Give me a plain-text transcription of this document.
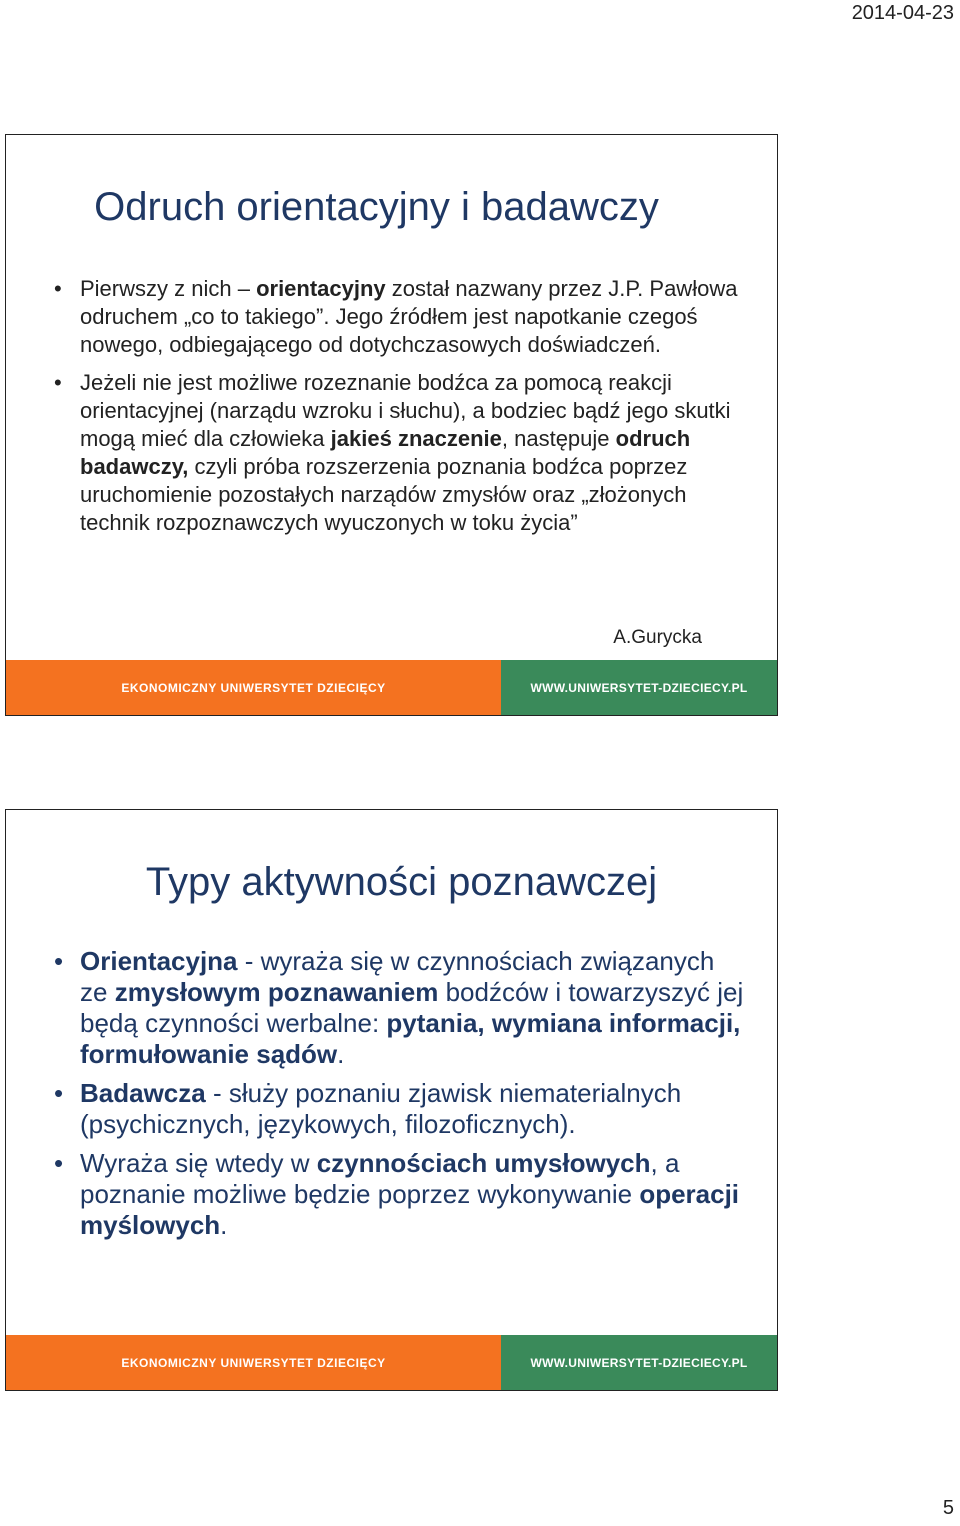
2014-04-23
Odruch orientacyjny i badawczy
• Pierwszy z nich – orientacyjny został nazwany przez J.P. Pawłowa odruchem „co to takiego”. Jego źródłem jest napotkanie czegoś nowego, odbiegającego od dotychczasowych doświadczeń.
• Jeżeli nie jest możliwe rozeznanie bodźca za pomocą reakcji orientacyjnej (narządu wzroku i słuchu), a bodziec bądź jego skutki mogą mieć dla człowieka jakieś znaczenie, następuje odruch badawczy, czyli próba rozszerzenia poznania bodźca poprzez uruchomienie pozostałych narządów zmysłów oraz „złożonych technik rozpoznawczych wyuczonych w toku życia”
A.Gurycka
EKONOMICZNY UNIWERSYTET DZIECIĘCY	WWW.UNIWERSYTET-DZIECIECY.PL
Typy aktywności poznawczej
• Orientacyjna - wyraża się w czynnościach związanych ze zmysłowym poznawaniem bodźców i towarzyszyć jej będą czynności werbalne: pytania, wymiana informacji, formułowanie sądów.
• Badawcza - służy poznaniu zjawisk niematerialnych (psychicznych, językowych, filozoficznych).
• Wyraża się wtedy w czynnościach umysłowych, a poznanie możliwe będzie poprzez wykonywanie operacji myślowych.
EKONOMICZNY UNIWERSYTET DZIECIĘCY	WWW.UNIWERSYTET-DZIECIECY.PL
5
